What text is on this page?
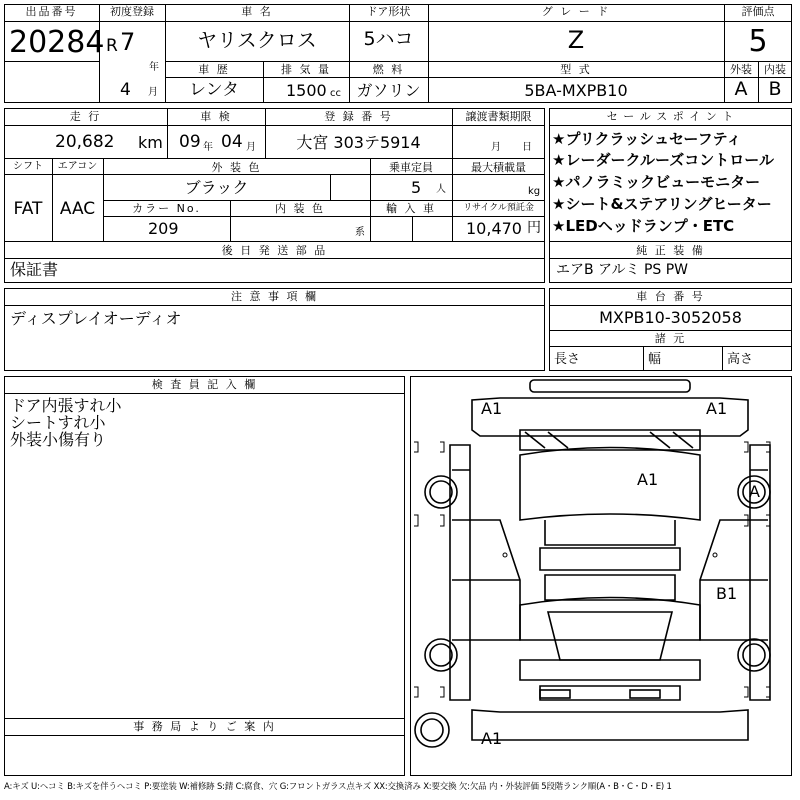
出品番号
20284
初度登録
R 7
年
4 月
車 名
ヤリスクロス
ドア形状
5ハコ
グ レ ー ド
Z
評価点
5
車 歴
レンタ
排 気 量
1500 cc
燃 料
ガソリン
型 式
5BA-MXPB10
外装
A
内装
B
走 行
20,682 km
車 検
09 年 04 月
登 録 番 号
大宮 303テ5914
譲渡書類期限
月 日
シフト
FAT
エアコン
AAC
外 装 色
ブラック
乗車定員
5 人
最大積載量
kg
カラー No.
209
内 装 色
系
輸 入 車	リサイクル預託金
10,470 円
後 日 発 送 部 品
保証書
セ ー ル ス ポ イ ン ト
★プリクラッシュセーフティ
★レーダークルーズコントロール
★パノラミックビューモニター
★シート&ステアリングヒーター
★LEDヘッドランプ・ETC
純 正 装 備
エアB アルミ PS PW
注 意 事 項 欄
ディスプレイオーディオ
車 台 番 号
MXPB10-3052058
諸 元
長さ	幅	高さ
検 査 員 記 入 欄
ドア内張すれ小
シートすれ小
外装小傷有り
事 務 局 よ り ご 案 内
A1	A1
A1
A
B1
A1
A:キズ U:ヘコミ B:キズを伴うヘコミ P:要塗装 W:補修跡 S:錆 C:腐食、穴 G:フロントガラス点キズ XX:交換済み X:要交換 欠:欠品 内・外装評価 5段階ランク順(A・B・C・D・E) 1
